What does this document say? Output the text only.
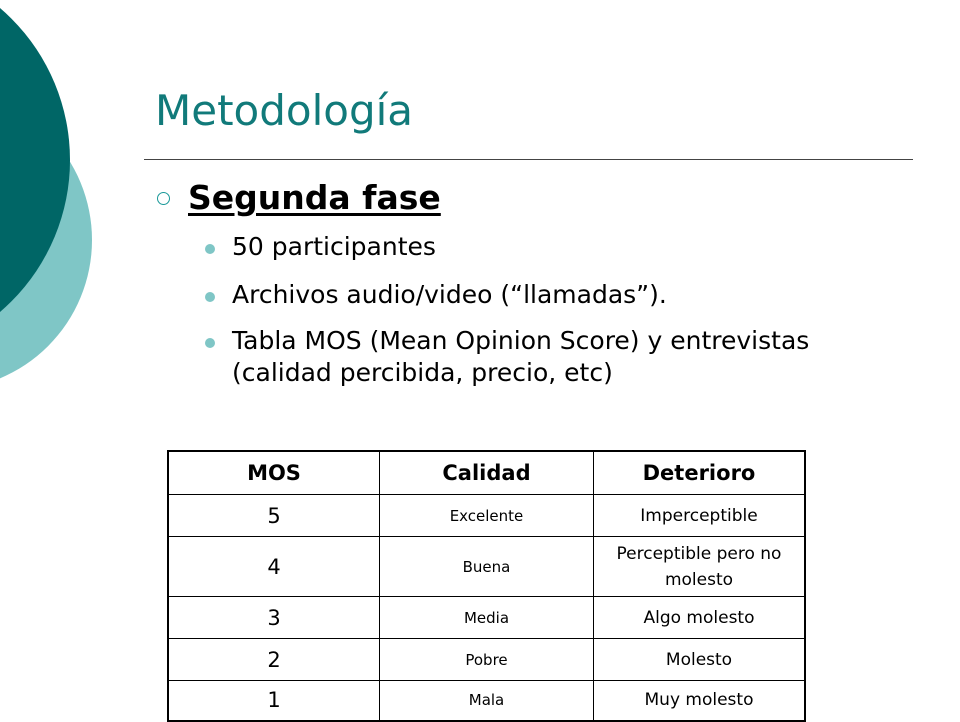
Metodología
Segunda fase
50 participantes
Archivos audio/video (“llamadas”).
Tabla MOS (Mean Opinion Score) y entrevistas (calidad percibida, precio, etc)
MOS	Calidad	Deterioro
5	Excelente	Imperceptible
4	Buena	Perceptible pero no molesto
3	Media	Algo molesto
2	Pobre	Molesto
1	Mala	Muy molesto
